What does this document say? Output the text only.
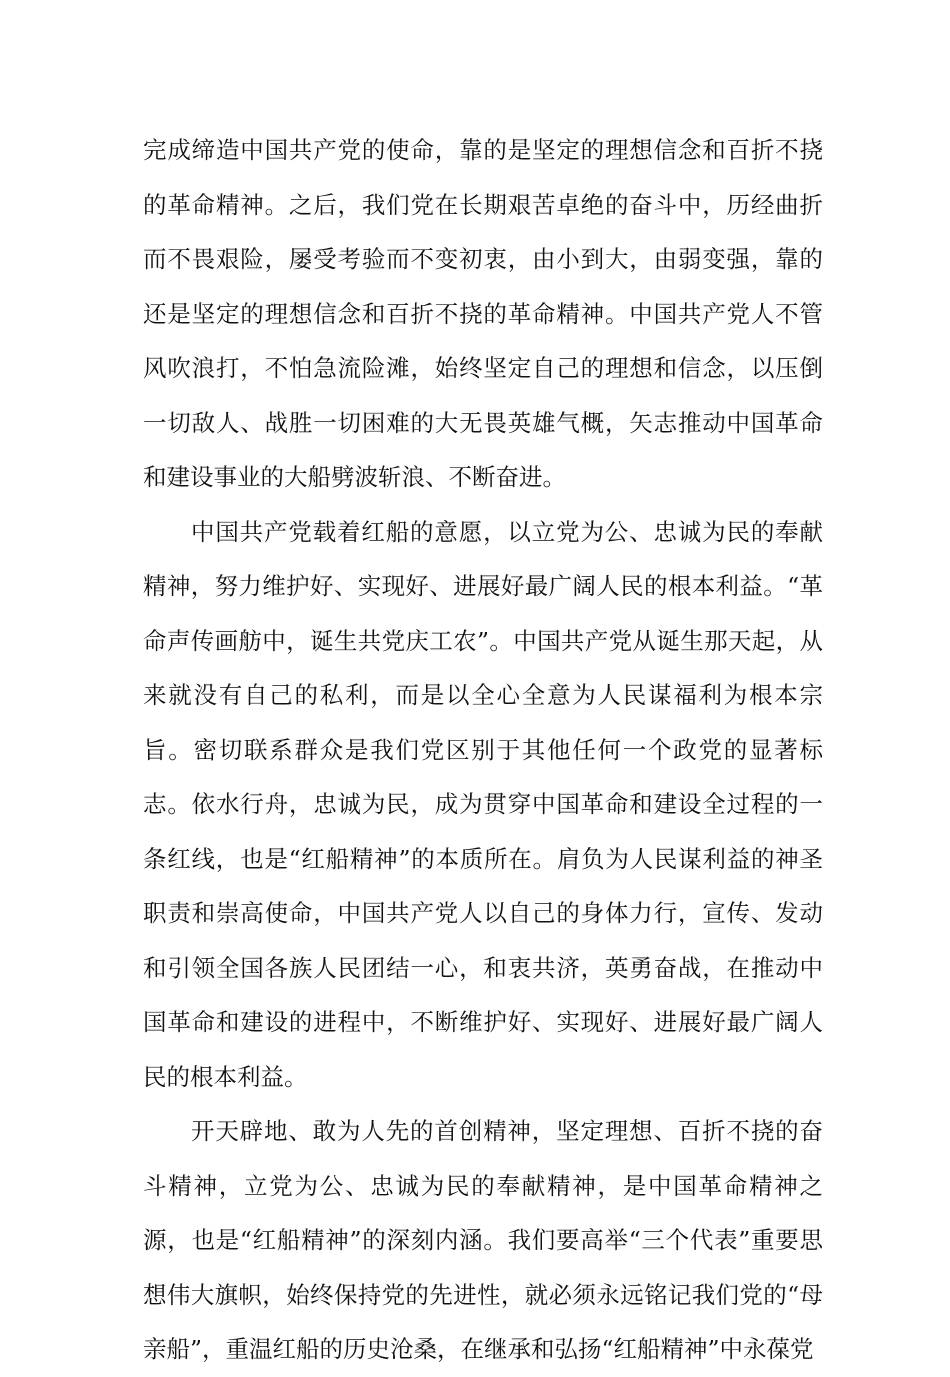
完成缔造中国共产党的使命，靠的是坚定的理想信念和百折不挠的革命精神。之后，我们党在长期艰苦卓绝的奋斗中，历经曲折而不畏艰险，屡受考验而不变初衷，由小到大，由弱变强，靠的还是坚定的理想信念和百折不挠的革命精神。中国共产党人不管风吹浪打，不怕急流险滩，始终坚定自己的理想和信念，以压倒一切敌人、战胜一切困难的大无畏英雄气概，矢志推动中国革命和建设事业的大船劈波斩浪、不断奋进。

中国共产党载着红船的意愿，以立党为公、忠诚为民的奉献精神，努力维护好、实现好、进展好最广阔人民的根本利益。“革命声传画舫中，诞生共党庆工农”。中国共产党从诞生那天起，从来就没有自己的私利，而是以全心全意为人民谋福利为根本宗旨。密切联系群众是我们党区别于其他任何一个政党的显著标志。依水行舟，忠诚为民，成为贯穿中国革命和建设全过程的一条红线，也是“红船精神”的本质所在。肩负为人民谋利益的神圣职责和崇高使命，中国共产党人以自己的身体力行，宣传、发动和引领全国各族人民团结一心，和衷共济，英勇奋战，在推动中国革命和建设的进程中，不断维护好、实现好、进展好最广阔人民的根本利益。

开天辟地、敢为人先的首创精神，坚定理想、百折不挠的奋斗精神，立党为公、忠诚为民的奉献精神，是中国革命精神之源，也是“红船精神”的深刻内涵。我们要高举“三个代表”重要思想伟大旗帜，始终保持党的先进性，就必须永远铭记我们党的“母亲船”，重温红船的历史沧桑，在继承和弘扬“红船精神”中永葆党
